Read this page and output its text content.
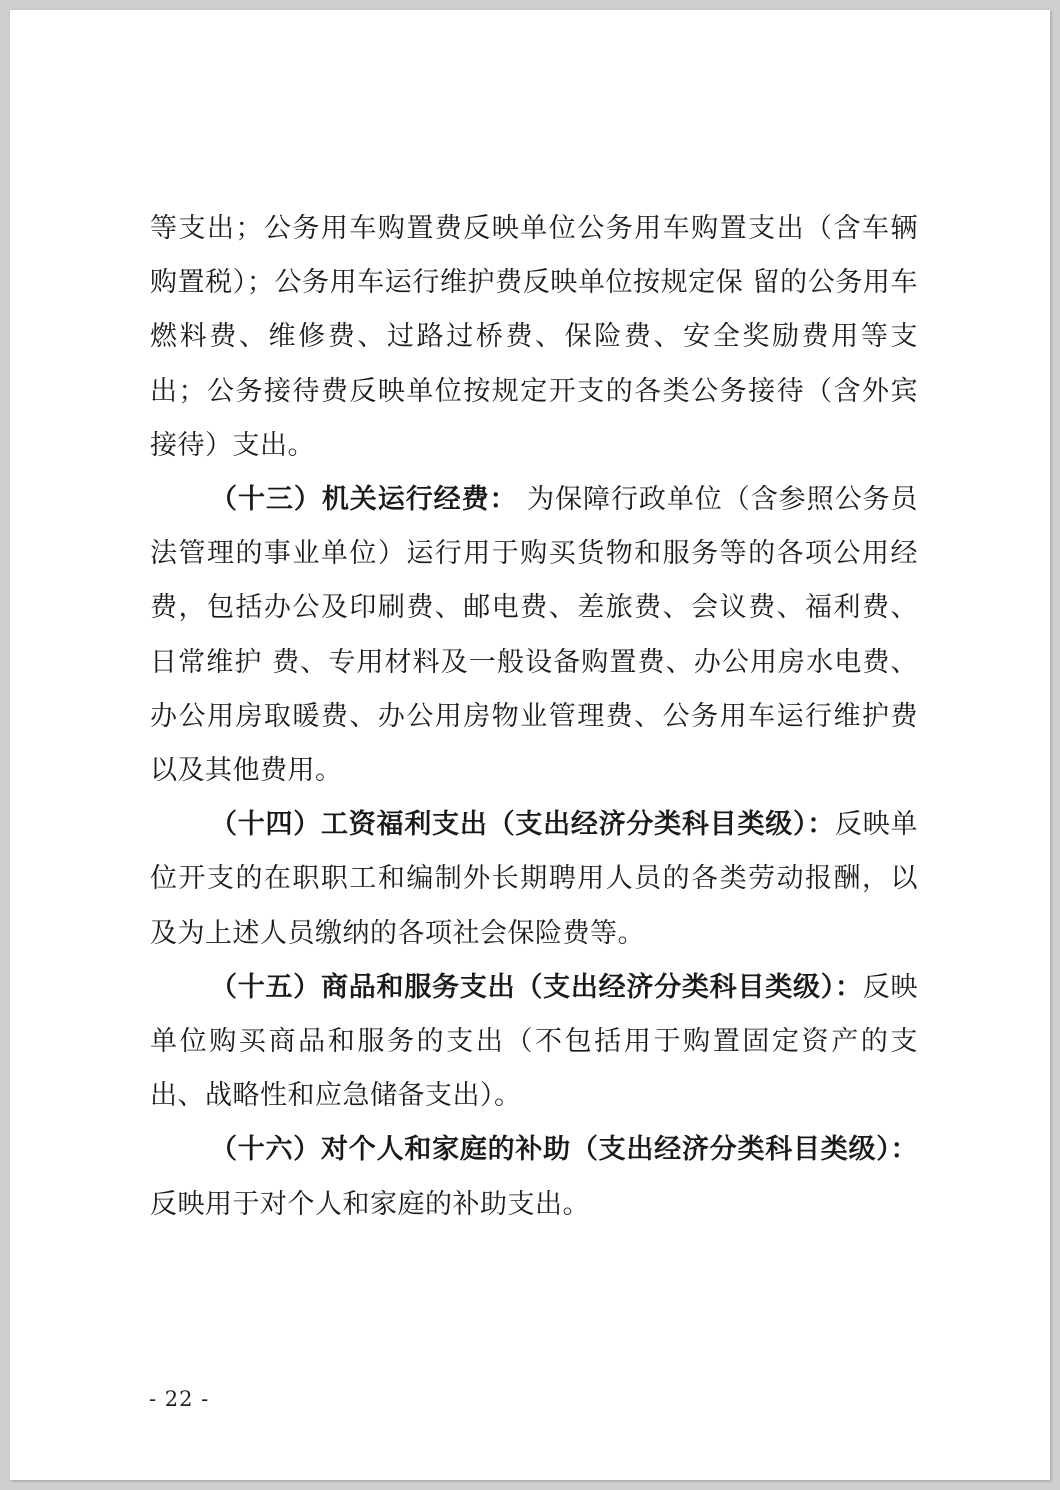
等支出；公务用车购置费反映单位公务用车购置支出（含车辆购置税）；公务用车运行维护费反映单位按规定保 留的公务用车燃料费、维修费、过路过桥费、保险费、安全奖励费用等支出；公务接待费反映单位按规定开支的各类公务接待（含外宾接待）支出。

（十三）机关运行经费： 为保障行政单位（含参照公务员法管理的事业单位）运行用于购买货物和服务等的各项公用经费，包括办公及印刷费、邮电费、差旅费、会议费、福利费、日常维护 费、专用材料及一般设备购置费、办公用房水电费、办公用房取暖费、办公用房物业管理费、公务用车运行维护费以及其他费用。

（十四）工资福利支出（支出经济分类科目类级）：反映单位开支的在职职工和编制外长期聘用人员的各类劳动报酬，以及为上述人员缴纳的各项社会保险费等。

（十五）商品和服务支出（支出经济分类科目类级）：反映单位购买商品和服务的支出（不包括用于购置固定资产的支出、战略性和应急储备支出）。

（十六）对个人和家庭的补助（支出经济分类科目类级）：反映用于对个人和家庭的补助支出。

- 22 -
